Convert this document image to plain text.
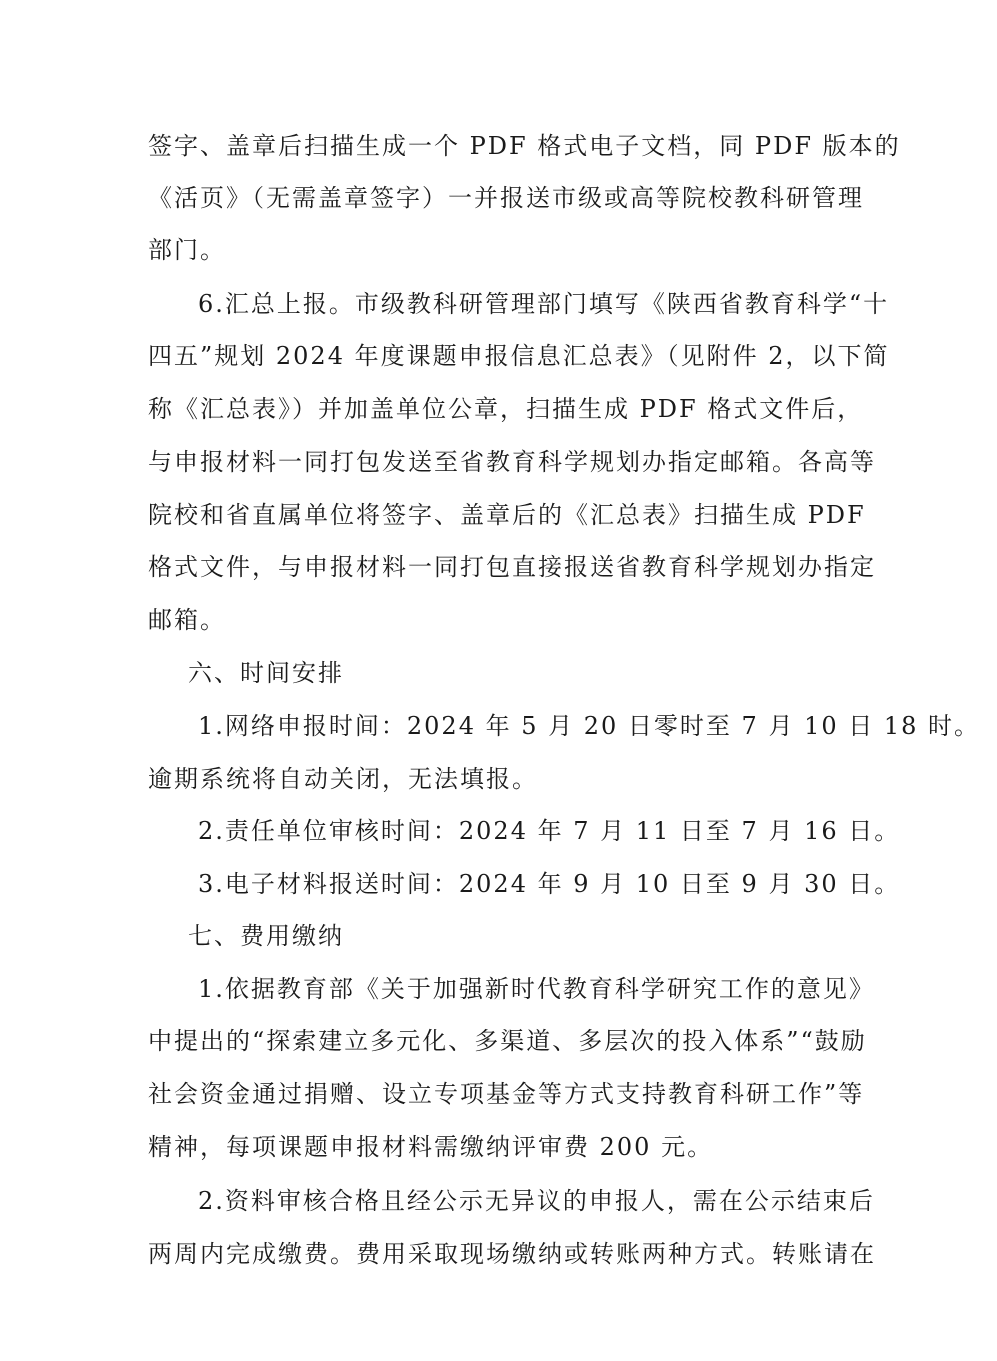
签字、盖章后扫描生成一个 PDF 格式电子文档，同 PDF 版本的
《活页》（无需盖章签字）一并报送市级或高等院校教科研管理
部门。
6.汇总上报。市级教科研管理部门填写《陕西省教育科学“十
四五”规划 2024 年度课题申报信息汇总表》（见附件 2，以下简
称《汇总表》）并加盖单位公章，扫描生成 PDF 格式文件后，
与申报材料一同打包发送至省教育科学规划办指定邮箱。各高等
院校和省直属单位将签字、盖章后的《汇总表》扫描生成 PDF
格式文件，与申报材料一同打包直接报送省教育科学规划办指定
邮箱。
六、时间安排
1.网络申报时间：2024 年 5 月 20 日零时至 7 月 10 日 18 时。
逾期系统将自动关闭，无法填报。
2.责任单位审核时间：2024 年 7 月 11 日至 7 月 16 日。
3.电子材料报送时间：2024 年 9 月 10 日至 9 月 30 日。
七、费用缴纳
1.依据教育部《关于加强新时代教育科学研究工作的意见》
中提出的“探索建立多元化、多渠道、多层次的投入体系”“鼓励
社会资金通过捐赠、设立专项基金等方式支持教育科研工作”等
精神，每项课题申报材料需缴纳评审费 200 元。
2.资料审核合格且经公示无异议的申报人，需在公示结束后
两周内完成缴费。费用采取现场缴纳或转账两种方式。转账请在
